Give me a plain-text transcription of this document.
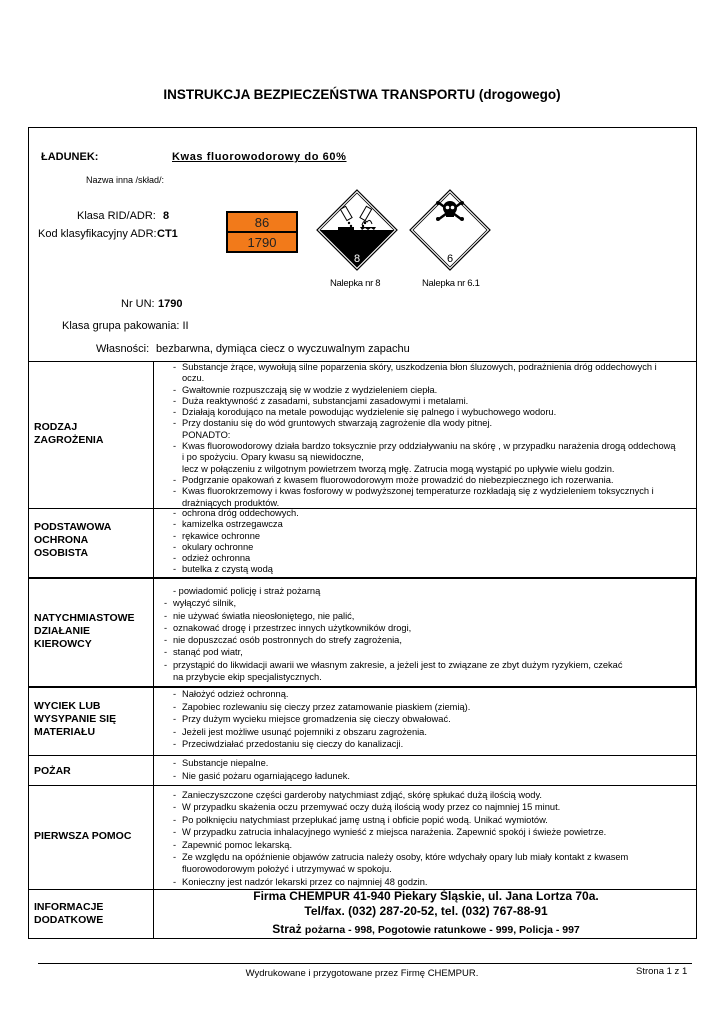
INSTRUKCJA BEZPIECZEŃSTWA TRANSPORTU (drogowego)
ŁADUNEK:	Kwas fluorowodorowy do 60%
Nazwa inna /skład/:
Klasa RID/ADR: 8
Kod klasyfikacyjny ADR: CT1
86
1790
8
Nalepka nr 8
6
Nalepka nr 6.1
Nr UN: 1790
Klasa grupa pakowania: II
Własności: bezbarwna, dymiąca ciecz o wyczuwalnym zapachu
RODZAJ
ZAGROŻENIA
- Substancje żrące, wywołują silne poparzenia skóry, uszkodzenia błon śluzowych, podrażnienia dróg oddechowych i
oczu.
- Gwałtownie rozpuszczają się w wodzie z wydzieleniem ciepła.
- Duża reaktywność z zasadami, substancjami zasadowymi i metalami.
- Działają korodująco na metale powodując wydzielenie się palnego i wybuchowego wodoru.
- Przy dostaniu się do wód gruntowych stwarzają zagrożenie dla wody pitnej.
PONADTO:
- Kwas fluorowodorowy działa bardzo toksycznie przy oddziaływaniu na skórę , w przypadku narażenia drogą oddechową
i po spożyciu. Opary kwasu są niewidoczne,
lecz w połączeniu z wilgotnym powietrzem tworzą mgłę. Zatrucia mogą wystąpić po upływie wielu godzin.
- Podgrzanie opakowań z kwasem fluorowodorowym może prowadzić do niebezpiecznego ich rozerwania.
- Kwas fluorokrzemowy i kwas fosforowy w podwyższonej temperaturze rozkładają się z wydzieleniem toksycznych i
drażniących produktów.
PODSTAWOWA
OCHRONA
OSOBISTA
- ochrona dróg oddechowych.
- kamizelka ostrzegawcza
- rękawice ochronne
- okulary ochronne
- odzież ochronna
- butelka z czystą wodą
NATYCHMIASTOWE
DZIAŁANIE
KIEROWCY
- powiadomić policję i straż pożarną
- wyłączyć silnik,
- nie używać światła nieosłoniętego, nie palić,
- oznakować drogę i przestrzec innych użytkowników drogi,
- nie dopuszczać osób postronnych do strefy zagrożenia,
- stanąć pod wiatr,
- przystąpić do likwidacji awarii we własnym zakresie, a jeżeli jest to związane ze zbyt dużym ryzykiem, czekać
na przybycie ekip specjalistycznych.
WYCIEK LUB
WYSYPANIE SIĘ
MATERIAŁU
- Nałożyć odzież ochronną.
- Zapobiec rozlewaniu się cieczy przez zatamowanie piaskiem (ziemią).
- Przy dużym wycieku miejsce gromadzenia się cieczy obwałować.
- Jeżeli jest możliwe usunąć pojemniki z obszaru zagrożenia.
- Przeciwdziałać przedostaniu się cieczy do kanalizacji.
POŻAR
- Substancje niepalne.
- Nie gasić pożaru ogarniającego ładunek.
PIERWSZA POMOC
- Zanieczyszczone części garderoby natychmiast zdjąć, skórę spłukać dużą ilością wody.
- W przypadku skażenia oczu przemywać oczy dużą ilością wody przez co najmniej 15 minut.
- Po połknięciu natychmiast przepłukać jamę ustną i obficie popić wodą. Unikać wymiotów.
- W przypadku zatrucia inhalacyjnego wynieść z miejsca narażenia. Zapewnić spokój i świeże powietrze.
- Zapewnić pomoc lekarską.
- Ze względu na opóźnienie objawów zatrucia należy osoby, które wdychały opary lub miały kontakt z kwasem
fluorowodorowym położyć i utrzymywać w spokoju.
- Konieczny jest nadzór lekarski przez co najmniej 48 godzin.
INFORMACJE
DODATKOWE
Firma CHEMPUR 41-940 Piekary Śląskie, ul. Jana Lortza 70a.
Tel/fax. (032) 287-20-52, tel. (032) 767-88-91
Straż pożarna - 998, Pogotowie ratunkowe - 999, Policja - 997
Wydrukowane i przygotowane przez Firmę CHEMPUR.	Strona 1 z 1
